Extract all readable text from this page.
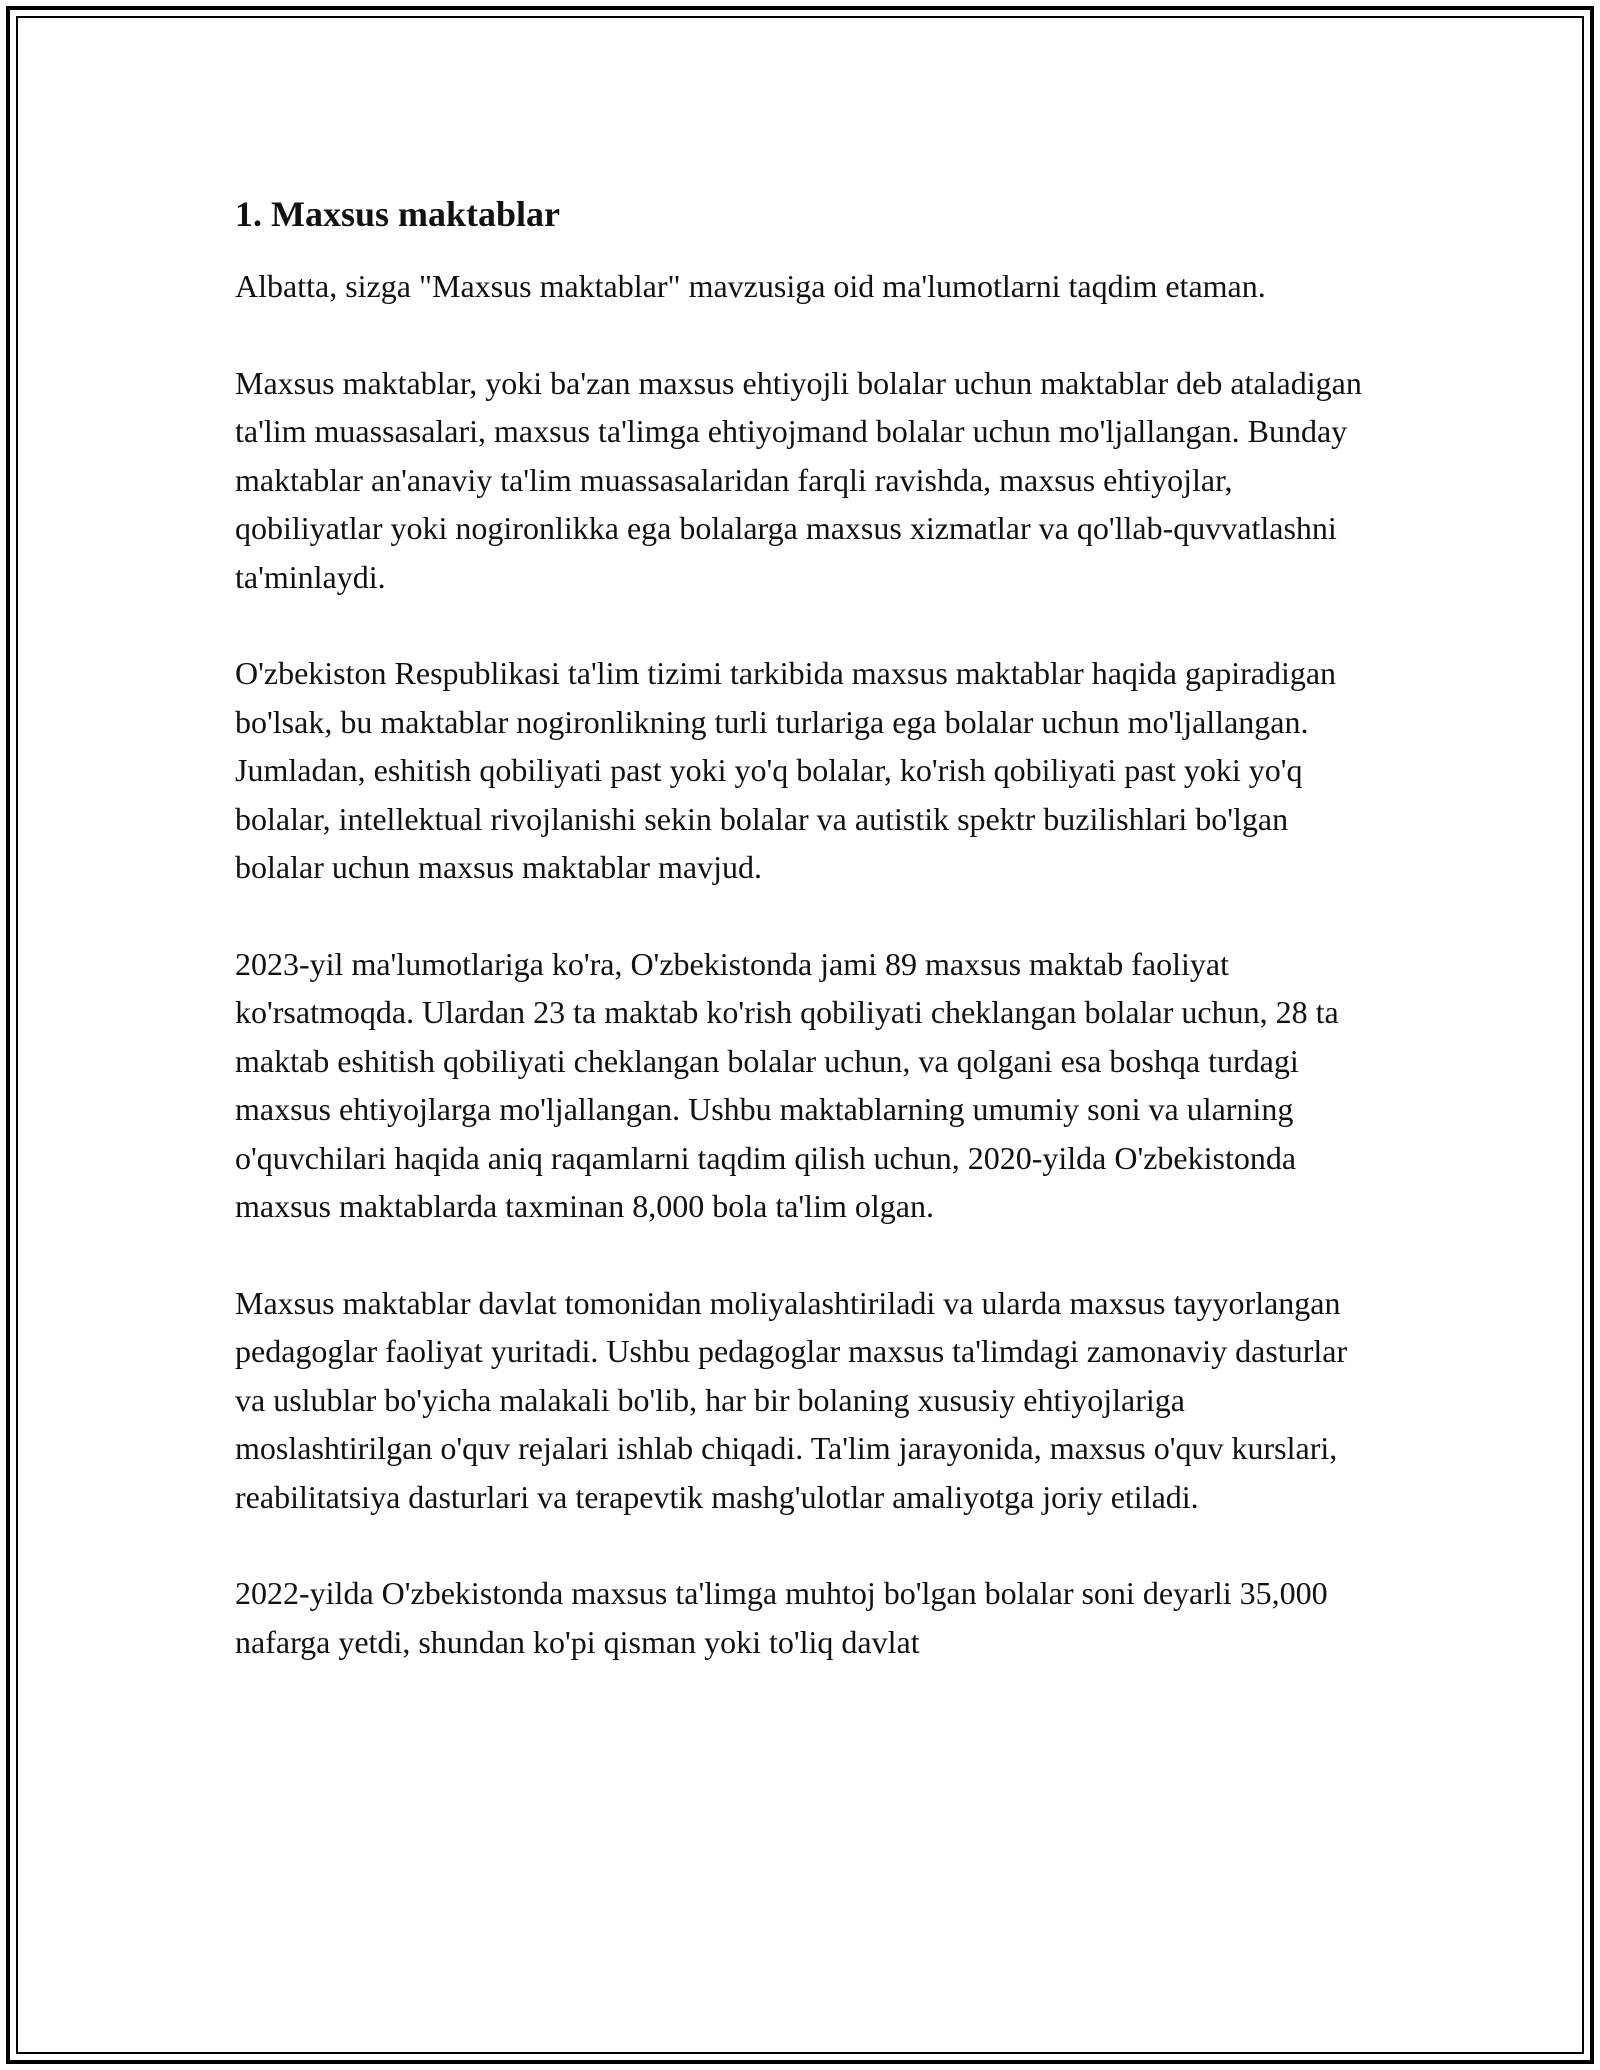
1. Maxsus maktablar

Albatta, sizga "Maxsus maktablar" mavzusiga oid ma'lumotlarni taqdim etaman.

Maxsus maktablar, yoki ba'zan maxsus ehtiyojli bolalar uchun maktablar deb ataladigan ta'lim muassasalari, maxsus ta'limga ehtiyojmand bolalar uchun mo'ljallangan. Bunday maktablar an'anaviy ta'lim muassasalaridan farqli ravishda, maxsus ehtiyojlar, qobiliyatlar yoki nogironlikka ega bolalarga maxsus xizmatlar va qo'llab-quvvatlashni ta'minlaydi.

O'zbekiston Respublikasi ta'lim tizimi tarkibida maxsus maktablar haqida gapiradigan bo'lsak, bu maktablar nogironlikning turli turlariga ega bolalar uchun mo'ljallangan. Jumladan, eshitish qobiliyati past yoki yo'q bolalar, ko'rish qobiliyati past yoki yo'q bolalar, intellektual rivojlanishi sekin bolalar va autistik spektr buzilishlari bo'lgan bolalar uchun maxsus maktablar mavjud.

2023-yil ma'lumotlariga ko'ra, O'zbekistonda jami 89 maxsus maktab faoliyat ko'rsatmoqda. Ulardan 23 ta maktab ko'rish qobiliyati cheklangan bolalar uchun, 28 ta maktab eshitish qobiliyati cheklangan bolalar uchun, va qolgani esa boshqa turdagi maxsus ehtiyojlarga mo'ljallangan. Ushbu maktablarning umumiy soni va ularning o'quvchilari haqida aniq raqamlarni taqdim qilish uchun, 2020-yilda O'zbekistonda maxsus maktablarda taxminan 8,000 bola ta'lim olgan.

Maxsus maktablar davlat tomonidan moliyalashtiriladi va ularda maxsus tayyorlangan pedagoglar faoliyat yuritadi. Ushbu pedagoglar maxsus ta'limdagi zamonaviy dasturlar va uslublar bo'yicha malakali bo'lib, har bir bolaning xususiy ehtiyojlariga moslashtirilgan o'quv rejalari ishlab chiqadi. Ta'lim jarayonida, maxsus o'quv kurslari, reabilitatsiya dasturlari va terapevtik mashg'ulotlar amaliyotga joriy etiladi.

2022-yilda O'zbekistonda maxsus ta'limga muhtoj bo'lgan bolalar soni deyarli 35,000 nafarga yetdi, shundan ko'pi qisman yoki to'liq davlat
